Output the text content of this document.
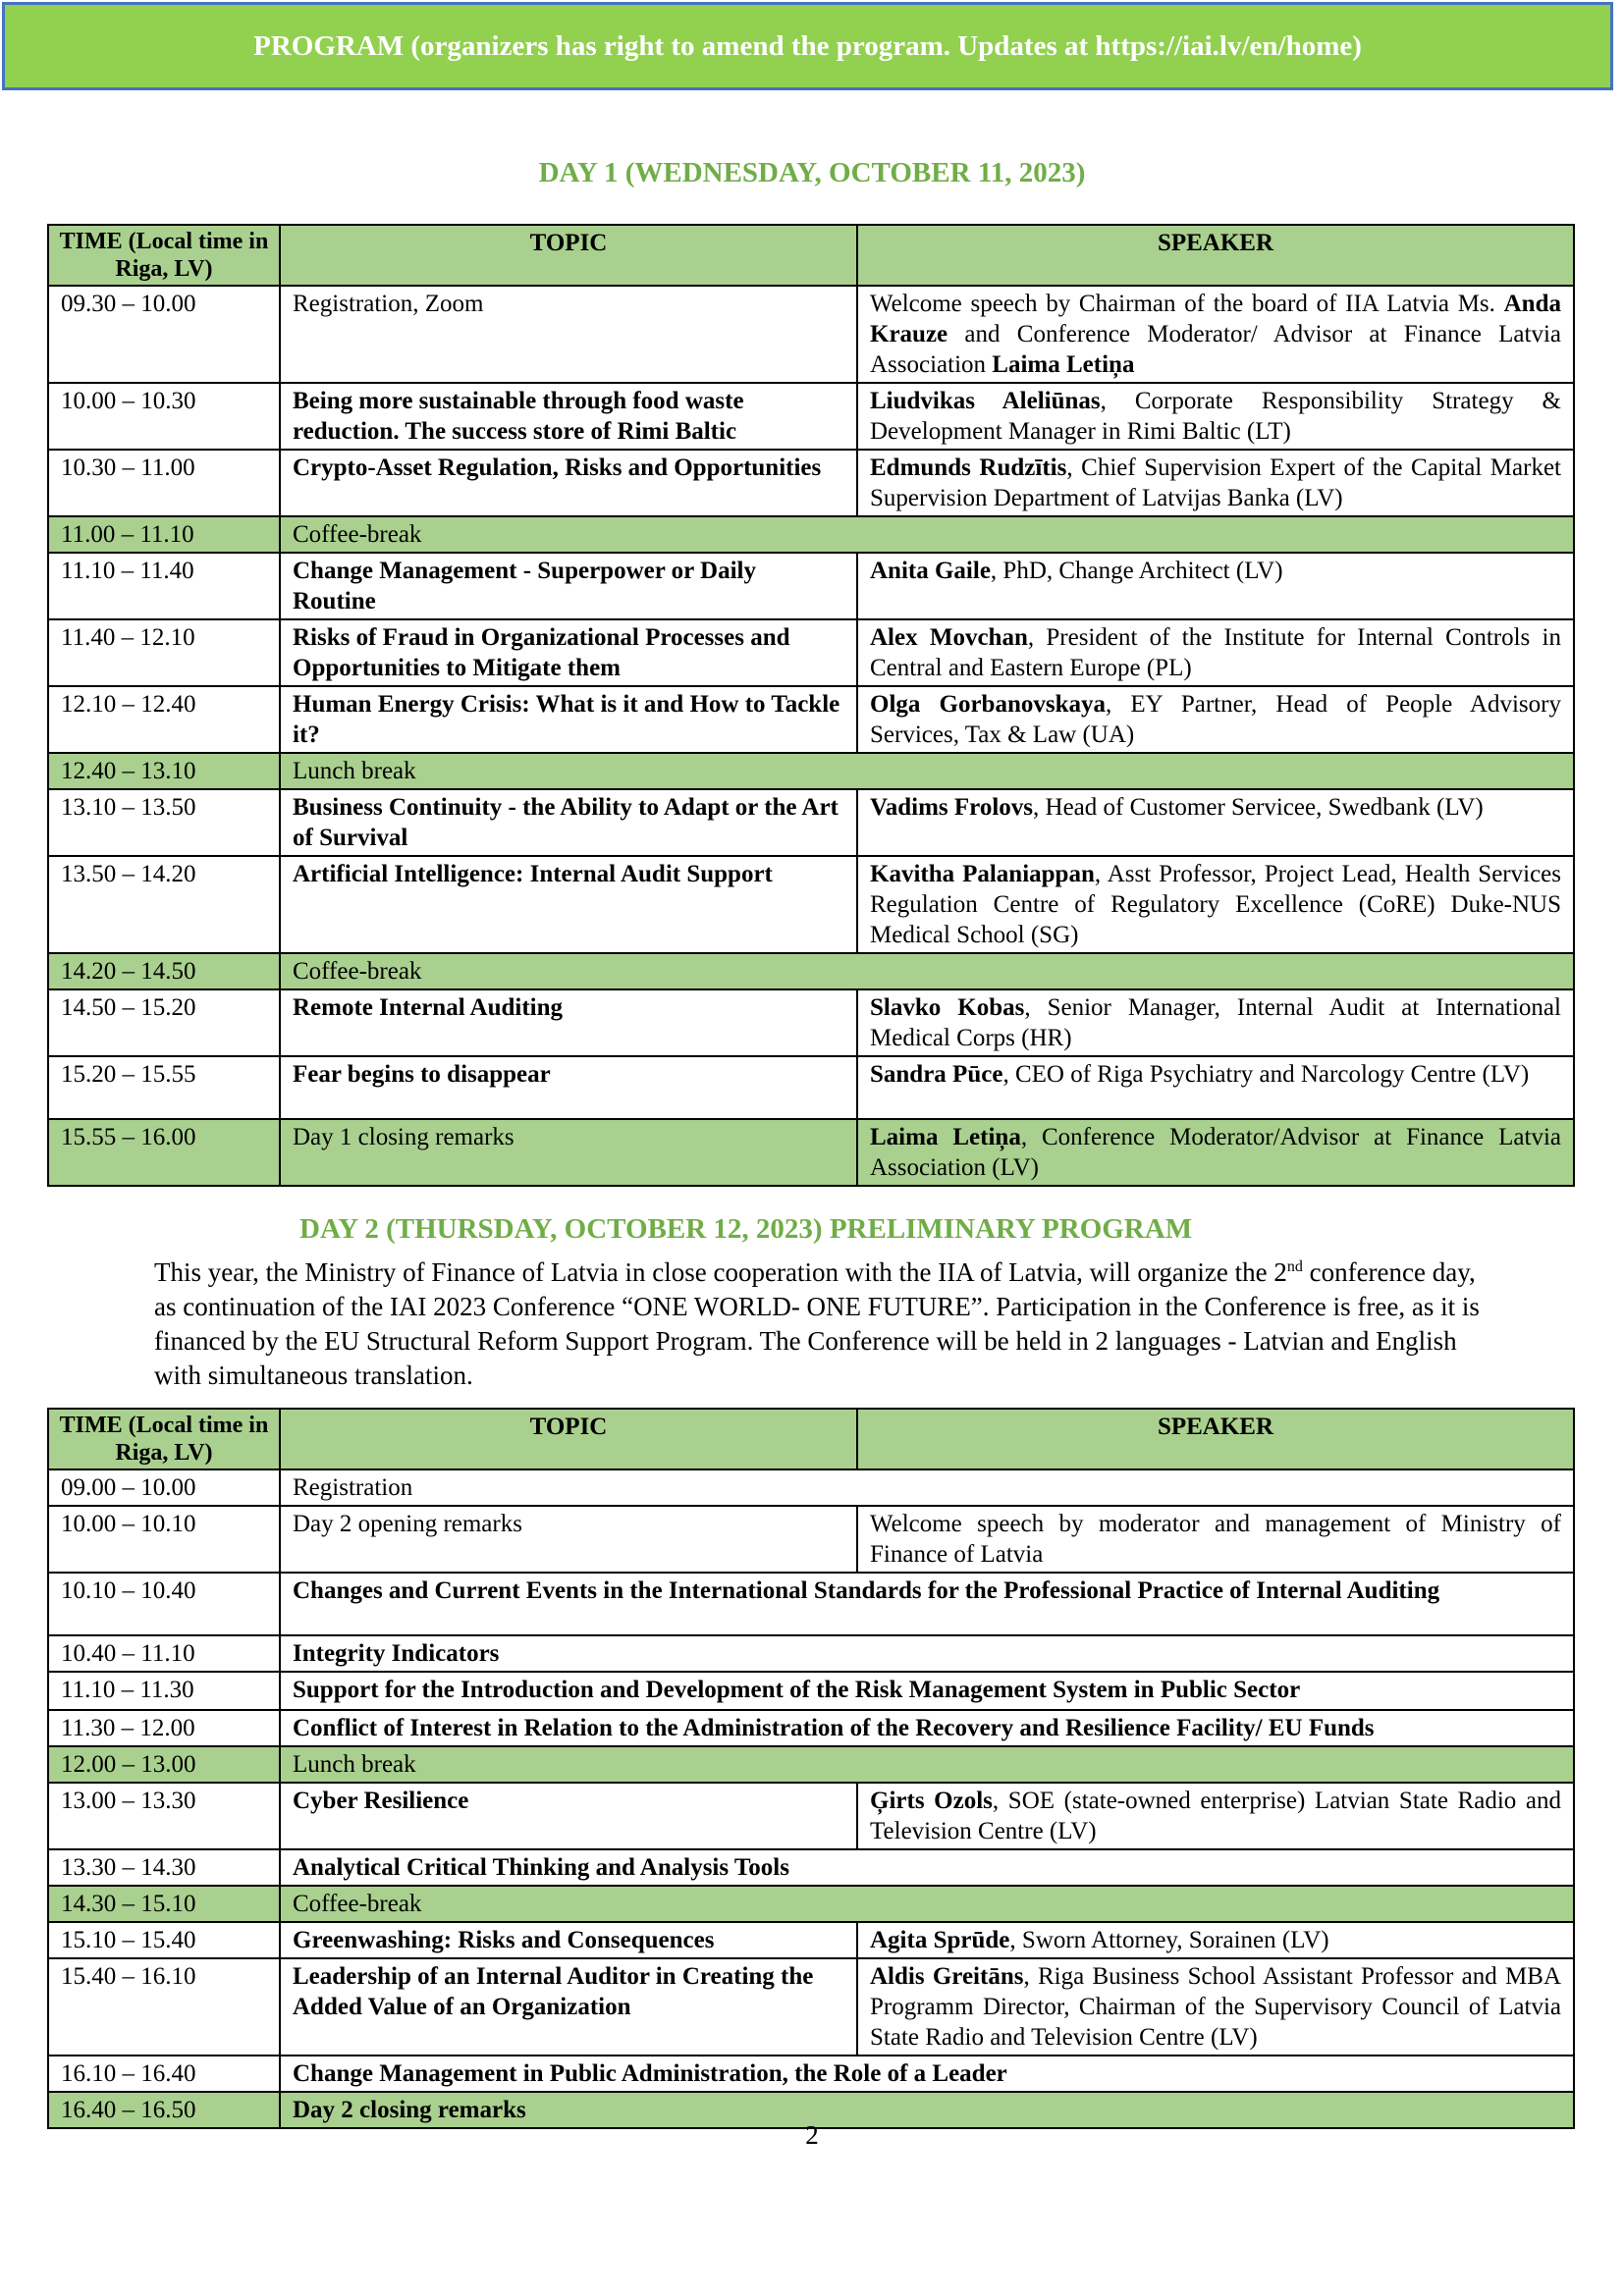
PROGRAM (organizers has right to amend the program. Updates at https://iai.lv/en/home)
DAY 1 (WEDNESDAY, OCTOBER 11, 2023)
TIME (Local time in Riga, LV)	TOPIC	SPEAKER
09.30 – 10.00	Registration, Zoom	Welcome speech by Chairman of the board of IIA Latvia Ms. Anda Krauze and Conference Moderator/ Advisor at Finance Latvia Association Laima Letiņa
10.00 – 10.30	Being more sustainable through food waste reduction. The success store of Rimi Baltic	Liudvikas Aleliūnas, Corporate Responsibility Strategy & Development Manager in Rimi Baltic (LT)
10.30 – 11.00	Crypto-Asset Regulation, Risks and Opportunities	Edmunds Rudzītis, Chief Supervision Expert of the Capital Market Supervision Department of Latvijas Banka (LV)
11.00 – 11.10	Coffee-break	
11.10 – 11.40	Change Management - Superpower or Daily Routine	Anita Gaile, PhD, Change Architect (LV)
11.40 – 12.10	Risks of Fraud in Organizational Processes and Opportunities to Mitigate them	Alex Movchan, President of the Institute for Internal Controls in Central and Eastern Europe (PL)
12.10 – 12.40	Human Energy Crisis: What is it and How to Tackle it?	Olga Gorbanovskaya, EY Partner, Head of People Advisory Services, Tax & Law (UA)
12.40 – 13.10	Lunch break	
13.10 – 13.50	Business Continuity - the Ability to Adapt or the Art of Survival	Vadims Frolovs, Head of Customer Servicee, Swedbank (LV)
13.50 – 14.20	Artificial Intelligence: Internal Audit Support	Kavitha Palaniappan, Asst Professor, Project Lead, Health Services Regulation Centre of Regulatory Excellence (CoRE) Duke-NUS Medical School (SG)
14.20 – 14.50	Coffee-break	
14.50 – 15.20	Remote Internal Auditing	Slavko Kobas, Senior Manager, Internal Audit at International Medical Corps (HR)
15.20 – 15.55	Fear begins to disappear	Sandra Pūce, CEO of Riga Psychiatry and Narcology Centre (LV)
15.55 – 16.00	Day 1 closing remarks	Laima Letiņa, Conference Moderator/Advisor at Finance Latvia Association (LV)
DAY 2 (THURSDAY, OCTOBER 12, 2023) PRELIMINARY PROGRAM

This year, the Ministry of Finance of Latvia in close cooperation with the IIA of Latvia, will organize the 2nd conference day, as continuation of the IAI 2023 Conference “ONE WORLD- ONE FUTURE”. Participation in the Conference is free, as it is financed by the EU Structural Reform Support Program. The Conference will be held in 2 languages - Latvian and English with simultaneous translation.

TIME (Local time in Riga, LV)	TOPIC	SPEAKER
09.00 – 10.00	Registration	
10.00 – 10.10	Day 2 opening remarks	Welcome speech by moderator and management of Ministry of Finance of Latvia
10.10 – 10.40	Changes and Current Events in the International Standards for the Professional Practice of Internal Auditing	
10.40 – 11.10	Integrity Indicators	
11.10 – 11.30	Support for the Introduction and Development of the Risk Management System in Public Sector	
11.30 – 12.00	Conflict of Interest in Relation to the Administration of the Recovery and Resilience Facility/ EU Funds	
12.00 – 13.00	Lunch break	
13.00 – 13.30	Cyber Resilience	Ģirts Ozols, SOE (state-owned enterprise) Latvian State Radio and Television Centre (LV)
13.30 – 14.30	Analytical Critical Thinking and Analysis Tools	
14.30 – 15.10	Coffee-break	
15.10 – 15.40	Greenwashing: Risks and Consequences	Agita Sprūde, Sworn Attorney, Sorainen (LV)
15.40 – 16.10	Leadership of an Internal Auditor in Creating the Added Value of an Organization	Aldis Greitāns, Riga Business School Assistant Professor and MBA Programm Director, Chairman of the Supervisory Council of Latvia State Radio and Television Centre (LV)
16.10 – 16.40	Change Management in Public Administration, the Role of a Leader	
16.40 – 16.50	Day 2 closing remarks	
2
